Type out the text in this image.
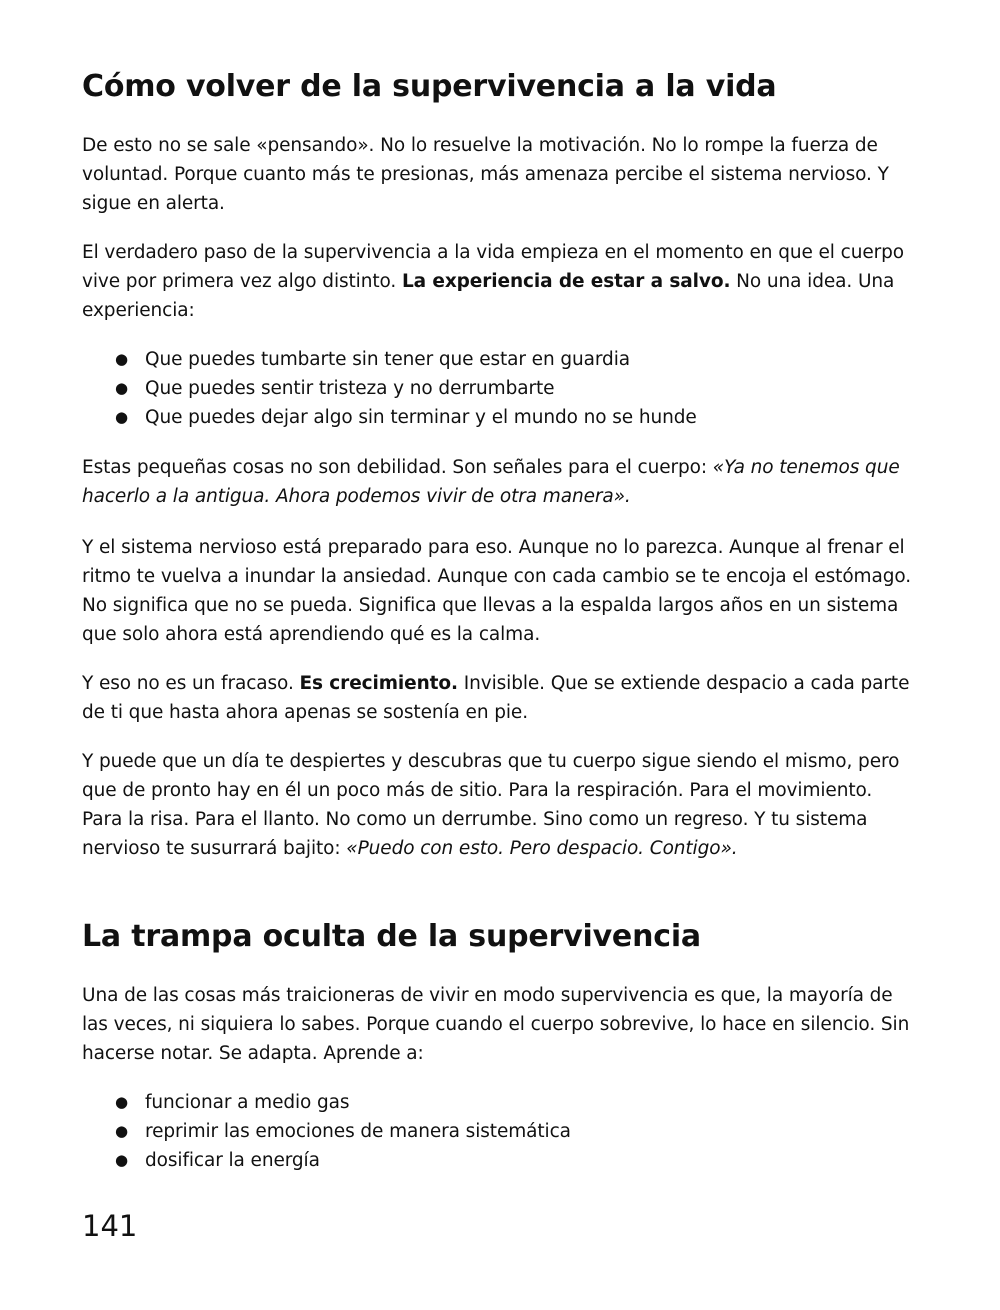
Cómo volver de la supervivencia a la vida

De esto no se sale «pensando». No lo resuelve la motivación. No lo rompe la fuerza de voluntad. Porque cuanto más te presionas, más amenaza percibe el sistema nervioso. Y sigue en alerta.

El verdadero paso de la supervivencia a la vida empieza en el momento en que el cuerpo vive por primera vez algo distinto. La experiencia de estar a salvo. No una idea. Una experiencia:

● Que puedes tumbarte sin tener que estar en guardia
● Que puedes sentir tristeza y no derrumbarte
● Que puedes dejar algo sin terminar y el mundo no se hunde

Estas pequeñas cosas no son debilidad. Son señales para el cuerpo: «Ya no tenemos que hacerlo a la antigua. Ahora podemos vivir de otra manera».

Y el sistema nervioso está preparado para eso. Aunque no lo parezca. Aunque al frenar el ritmo te vuelva a inundar la ansiedad. Aunque con cada cambio se te encoja el estómago. No significa que no se pueda. Significa que llevas a la espalda largos años en un sistema que solo ahora está aprendiendo qué es la calma.

Y eso no es un fracaso. Es crecimiento. Invisible. Que se extiende despacio a cada parte de ti que hasta ahora apenas se sostenía en pie.

Y puede que un día te despiertes y descubras que tu cuerpo sigue siendo el mismo, pero que de pronto hay en él un poco más de sitio. Para la respiración. Para el movimiento. Para la risa. Para el llanto. No como un derrumbe. Sino como un regreso. Y tu sistema nervioso te susurrará bajito: «Puedo con esto. Pero despacio. Contigo».

La trampa oculta de la supervivencia

Una de las cosas más traicioneras de vivir en modo supervivencia es que, la mayoría de las veces, ni siquiera lo sabes. Porque cuando el cuerpo sobrevive, lo hace en silencio. Sin hacerse notar. Se adapta. Aprende a:

● funcionar a medio gas
● reprimir las emociones de manera sistemática
● dosificar la energía
141
